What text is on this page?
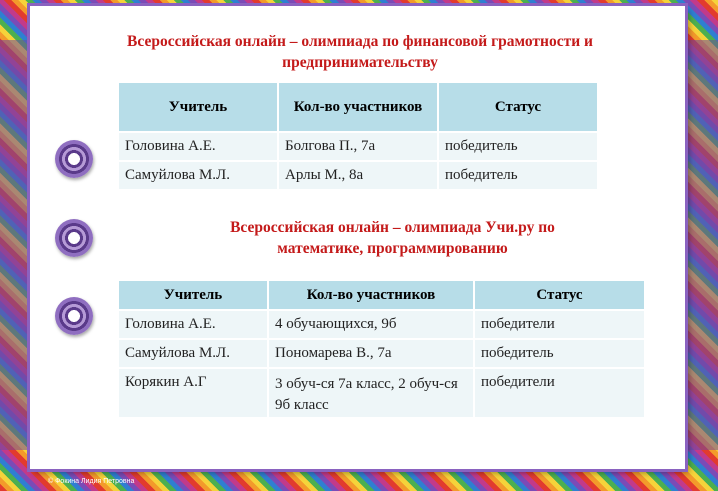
Всероссийская онлайн – олимпиада по финансовой грамотности и предпринимательству
Учитель	Кол-во участников	Статус
Головина А.Е.	Болгова П., 7а	победитель
Самуйлова М.Л.	Арлы М., 8а	победитель
Всероссийская онлайн – олимпиада Учи.ру по математике, программированию
Учитель	Кол-во участников	Статус
Головина А.Е.	4 обучающихся, 9б	победители
Самуйлова М.Л.	Пономарева В., 7а	победитель
Корякин А.Г	3 обуч-ся 7а класс, 2 обуч-ся 9б класс	победители
© Фокина Лидия Петровна
